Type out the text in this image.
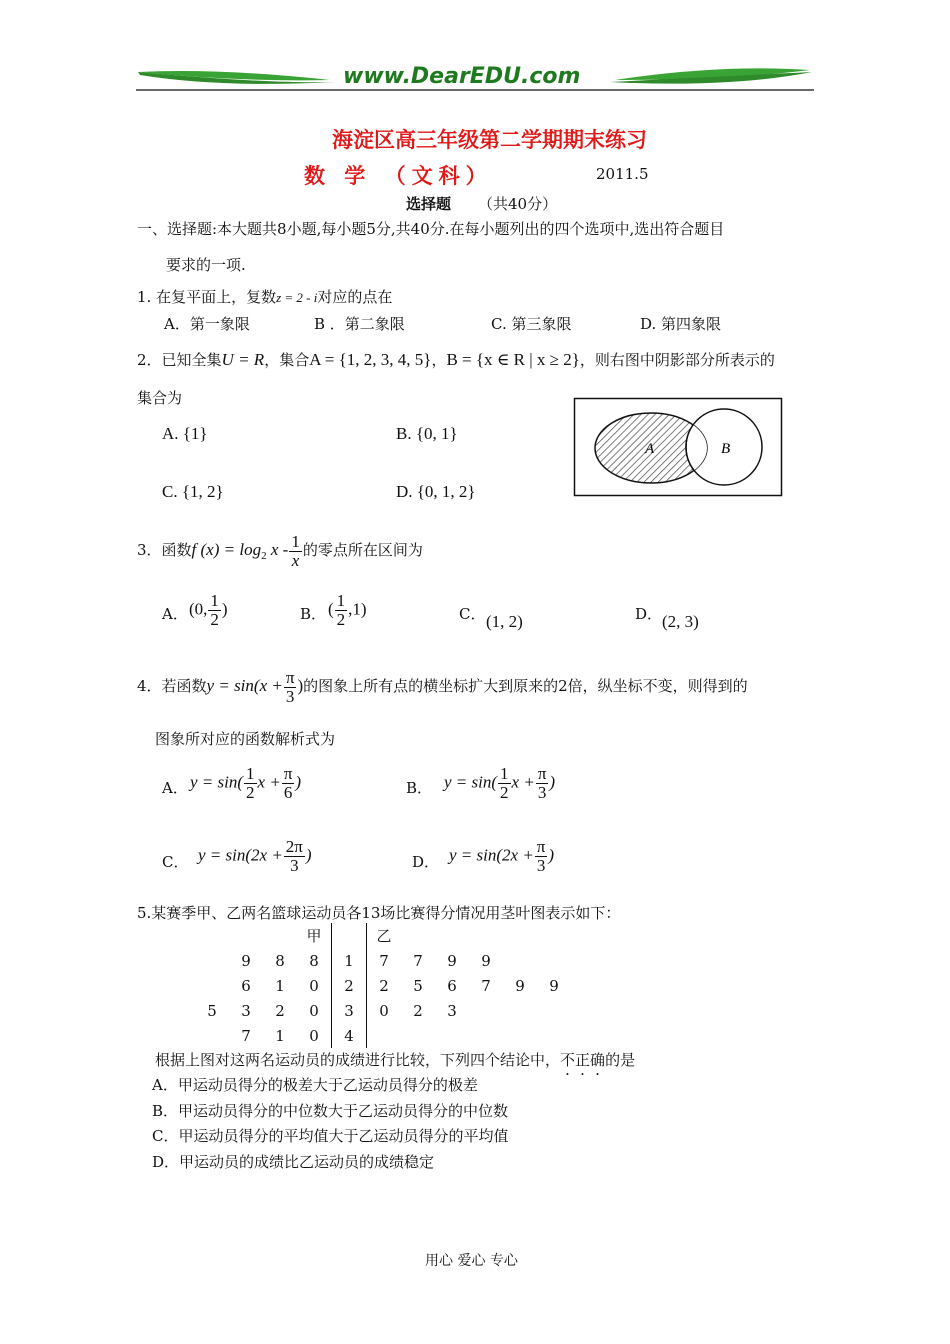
www.DearEDU.com
海淀区高三年级第二学期期末练习
数 学 （文科）	2011.5
选择题 （共40分）
一、选择题:本大题共8小题,每小题5分,共40分.在每小题列出的四个选项中,选出符合题目
要求的一项.
1. 在复平面上，复数z = 2 - i对应的点在
A．第一象限	B ．第二象限	C. 第三象限	D. 第四象限
2．已知全集U = R，集合A = {1, 2, 3, 4, 5}，B = {x ∈ R | x ≥ 2}，则右图中阴影部分所表示的
集合为
A. {1}	B. {0, 1}
C. {1, 2}	D. {0, 1, 2}
A	B
3．函数f $(x) = \log_2 x - \frac{1}{x}$ 的零点所在区间为
A． (0, $\frac{1}{2}$ )	B． ( $\frac{1}{2} ,1$)	C． (1, 2)	D． (2, 3)
4．若函数$y = \sin(x + \frac{\pi}{3}$ )的图象上所有点的横坐标扩大到原来的2倍，纵坐标不变，则得到的
图象所对应的函数解析式为
A． $y = \sin( \frac{1}{2}$ $x + \frac{\pi}{6}$ )	B． $y = \sin( \frac{1}{2}$ $x + \frac{\pi}{3}$ )
C． $y = \sin(2x + \frac{2\pi}{3}$ )	D． $y = \sin(2x + \frac{\pi}{3}$ )
5.某赛季甲、乙两名篮球运动员各13场比赛得分情况用茎叶图表示如下：
			甲		乙					
	9	8	8	1	7	7	9	9		
	6	1	0	2	2	5	6	7	9	9
5	3	2	0	3	0	2	3			
	7	1	0	4						
根据上图对这两名运动员的成绩进行比较，下列四个结论中，不正确的是
A．甲运动员得分的极差大于乙运动员得分的极差
B．甲运动员得分的中位数大于乙运动员得分的中位数
C．甲运动员得分的平均值大于乙运动员得分的平均值
D．甲运动员的成绩比乙运动员的成绩稳定
用心 爱心 专心
